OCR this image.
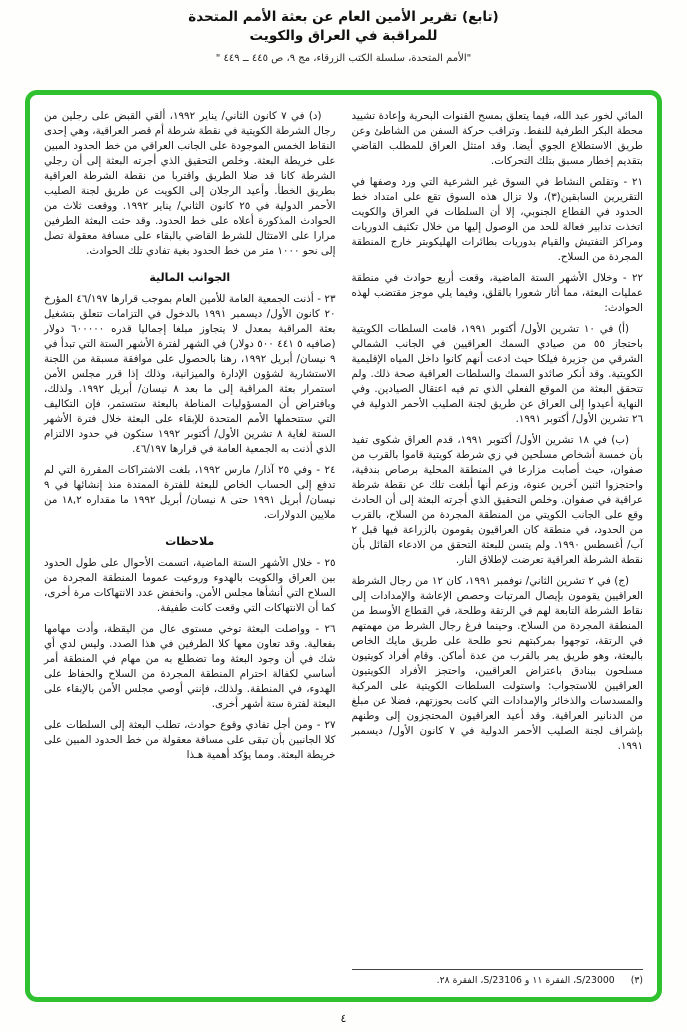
(تابع) تقرير الأمين العام عن بعثة الأمم المتحدة
للمراقبة في العراق والكويت
"الأمم المتحدة، سلسلة الكتب الزرقاء، مج ٩، ص ٤٤٥ ــ ٤٤٩ "

المائي لخور عبد الله، فيما يتعلق بمسح القنوات البحرية وإعادة تشييد محطة البكر الطرفية للنفط. وتراقب حركة السفن من الشاطئ وعن طريق الاستطلاع الجوي أيضا. وقد امتثل العراق للمطلب القاضي بتقديم إخطار مسبق بتلك التحركات.

٢١ - وتقلص النشاط في السوق غير الشرعية التي ورد وصفها في التقريرين السابقين(٣)، ولا تزال هذه السوق تقع على امتداد خط الحدود في القطاع الجنوبي، إلا أن السلطات في العراق والكويت اتخذت تدابير فعالة للحد من الوصول إليها من خلال تكثيف الدوريات ومراكز التفتيش والقيام بدوريات بطائرات الهليكوبتر خارج المنطقة المجردة من السلاح.

٢٢ - وخلال الأشهر الستة الماضية، وقعت أربع حوادث في منطقة عمليات البعثة، مما أثار شعورا بالقلق، وفيما يلي موجز مقتضب لهذه الحوادث:

(أ) في ١٠ تشرين الأول/ أكتوبر ١٩٩١، قامت السلطات الكويتية باحتجاز ٥٥ من صيادي السمك العراقيين في الجانب الشمالي الشرقي من جزيرة فيلكا حيث ادعت أنهم كانوا داخل المياه الإقليمية الكويتية. وقد أنكر صائدو السمك والسلطات العراقية صحة ذلك. ولم تتحقق البعثة من الموقع الفعلي الذي تم فيه اعتقال الصيادين. وفي النهاية أعيدوا إلى العراق عن طريق لجنة الصليب الأحمر الدولية في ٢٦ تشرين الأول/ أكتوبر ١٩٩١.

(ب) في ١٨ تشرين الأول/ أكتوبر ١٩٩١، قدم العراق شكوى تفيد بأن خمسة أشخاص مسلحين في زي شرطة كويتية قاموا بالقرب من صفوان، حيث أصابت مزارعا في المنطقة المحلية برصاص بندقية، واحتجزوا اثنين آخرين عنوة، وزعم أنها أبلغت تلك عن نقطة شرطة عراقية في صفوان. وخلص التحقيق الذي أجرته البعثة إلى أن الحادث وقع على الجانب الكويتي من المنطقة المجردة من السلاح، بالقرب من الحدود، في منطقة كان العراقيون يقومون بالزراعة فيها قبل ٢ آب/ أغسطس ١٩٩٠. ولم يتسن للبعثة التحقق من الادعاء القائل بأن نقطة الشرطة العراقية تعرضت لإطلاق النار.

(ج) في ٢ تشرين الثاني/ نوفمبر ١٩٩١، كان ١٢ من رجال الشرطة العراقيين يقومون بإيصال المرتبات وحصص الإعاشة والإمدادات إلى نقاط الشرطة التابعة لهم في الرتقة وطلحة، في القطاع الأوسط من المنطقة المجردة من السلاح. وحينما فرغ رجال الشرط من مهمتهم في الرتقة، توجهوا بمركبتهم نحو طلحة على طريق مايك الخاص بالبعثة، وهو طريق يمر بالقرب من عدة أماكن. وقام أفراد كويتيون مسلحون ببنادق باعتراض العراقيين، واحتجز الأفراد الكويتيون العراقيين للاستجواب: واستولت السلطات الكويتية على المركبة والمسدسات والذخائر والإمدادات التي كانت بحوزتهم، فضلا عن مبلغ من الدنانير العراقية. وقد أعيد العراقيون المحتجزون إلى وطنهم بإشراف لجنة الصليب الأحمر الدولية في ٧ كانون الأول/ ديسمبر ١٩٩١.

(٣)S/23000، الفقرة ١١ و S/23106، الفقرة ٢٨.

(د) في ٧ كانون الثاني/ يناير ١٩٩٢، ألقي القبض على رجلين من رجال الشرطة الكويتية في نقطة شرطة أم قصر العراقية، وهي إحدى النقاط الخمس الموجودة على الجانب العراقي من خط الحدود المبين على خريطة البعثة. وخلص التحقيق الذي أجرته البعثة إلى أن رجلي الشرطة كانا قد ضلا الطريق واقتربا من نقطة الشرطة العراقية بطريق الخطأ. وأعيد الرجلان إلى الكويت عن طريق لجنة الصليب الأحمر الدولية في ٢٥ كانون الثاني/ يناير ١٩٩٢. ووقعت ثلاث من الحوادث المذكورة أعلاه على خط الحدود. وقد حثت البعثة الطرفين مرارا على الامتثال للشرط القاضي بالبقاء على مسافة معقولة تصل إلى نحو ١٠٠٠ متر من خط الحدود بغية تفادي تلك الحوادث.

الجوانب المالية

٢٣ - أذنت الجمعية العامة للأمين العام بموجب قرارها ٤٦/١٩٧ المؤرخ ٢٠ كانون الأول/ ديسمبر ١٩٩١ بالدخول في التزامات تتعلق بتشغيل بعثة المراقبة بمعدل لا يتجاوز مبلغا إجماليا قدره ٦٠٠٠٠٠ دولار (صافيه ٥ ٤٤١ ٥٠٠ دولار) في الشهر لفترة الأشهر الستة التي تبدأ في ٩ نيسان/ أبريل ١٩٩٢، رهنا بالحصول على موافقة مسبقة من اللجنة الاستشارية لشؤون الإدارة والميزانية، وذلك إذا قرر مجلس الأمن استمرار بعثة المراقبة إلى ما بعد ٨ نيسان/ أبريل ١٩٩٢. ولذلك، وبافتراض أن المسؤوليات المناطة بالبعثة ستستمر، فإن التكاليف التي ستتحملها الأمم المتحدة للإبقاء على البعثة خلال فترة الأشهر الستة لغاية ٨ تشرين الأول/ أكتوبر ١٩٩٢ ستكون في حدود الالتزام الذي أذنت به الجمعية العامة في قرارها ٤٦/١٩٧.

٢٤ - وفي ٢٥ آذار/ مارس ١٩٩٢، بلغت الاشتراكات المقررة التي لم تدفع إلى الحساب الخاص للبعثة للفترة الممتدة منذ إنشائها في ٩ نيسان/ أبريل ١٩٩١ حتى ٨ نيسان/ أبريل ١٩٩٢ ما مقداره ١٨,٢ من ملايين الدولارات.

ملاحظات

٢٥ - خلال الأشهر الستة الماضية، اتسمت الأحوال على طول الحدود بين العراق والكويت بالهدوء وروعيت عموما المنطقة المجردة من السلاح التي أنشأها مجلس الأمن. وانخفض عدد الانتهاكات مرة أخرى، كما أن الانتهاكات التي وقعت كانت طفيفة.

٢٦ - وواصلت البعثة توخي مستوى عال من اليقظة، وأدت مهامها بفعالية. وقد تعاون معها كلا الطرفين في هذا الصدد. وليس لدي أي شك في أن وجود البعثة وما تضطلع به من مهام في المنطقة أمر أساسي لكفالة احترام المنطقة المجردة من السلاح والحفاظ على الهدوء، في المنطقة. ولذلك، فإنني أوصي مجلس الأمن بالإبقاء على البعثة لفترة ستة أشهر أخرى.

٢٧ - ومن أجل تفادي وقوع حوادث، تطلب البعثة إلى السلطات على كلا الجانبين بأن تبقى على مسافة معقولة من خط الحدود المبين على خريطة البعثة. ومما يؤكد أهمية هـذا

٤
